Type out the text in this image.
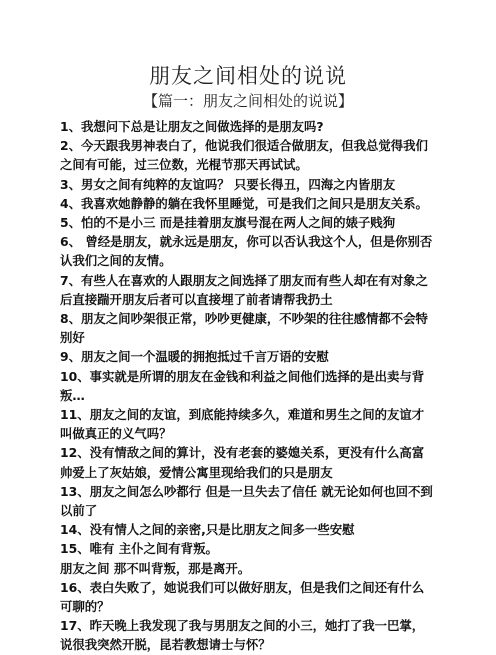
朋友之间相处的说说
【篇一：朋友之间相处的说说】

1、我想问下总是让朋友之间做选择的是朋友吗?

2、今天跟我男神表白了，他说我们很适合做朋友，但我总觉得我们

之间有可能，过三位数，光棍节那天再试试。

3、男女之间有纯粹的友谊吗？ 只要长得丑，四海之内皆朋友

4、我喜欢她静静的躺在我怀里睡觉，可是我们之间只是朋友关系。

5、怕的不是小三 而是挂着朋友旗号混在两人之间的婊子贱狗

6、 曾经是朋友，就永远是朋友，你可以否认我这个人，但是你别否

认我们之间的友情。

7、有些人在喜欢的人跟朋友之间选择了朋友而有些人却在有对象之

后直接踹开朋友后者可以直接埋了前者请帮我扔土

8、朋友之间吵架很正常，吵吵更健康，不吵架的往往感情都不会特

别好

9、朋友之间一个温暖的拥抱抵过千言万语的安慰

10、事实就是所谓的朋友在金钱和利益之间他们选择的是出卖与背

叛…

11、朋友之间的友谊，到底能持续多久，难道和男生之间的友谊才

叫做真正的义气吗？

12、没有情敌之间的算计，没有老套的婆媳关系，更没有什么高富

帅爱上了灰姑娘，爱情公寓里现给我们的只是朋友

13、朋友之间怎么吵都行 但是一旦失去了信任 就无论如何也回不到

以前了

14、没有情人之间的亲密,只是比朋友之间多一些安慰

15、唯有 主仆之间有背叛。

朋友之间 那不叫背叛，那是离开。

16、表白失败了，她说我们可以做好朋友，但是我们之间还有什么

可聊的？

17、昨天晚上我发现了我与男朋友之间的小三，她打了我一巴掌，

说很我突然开脱，昆若教想请士与怀？
